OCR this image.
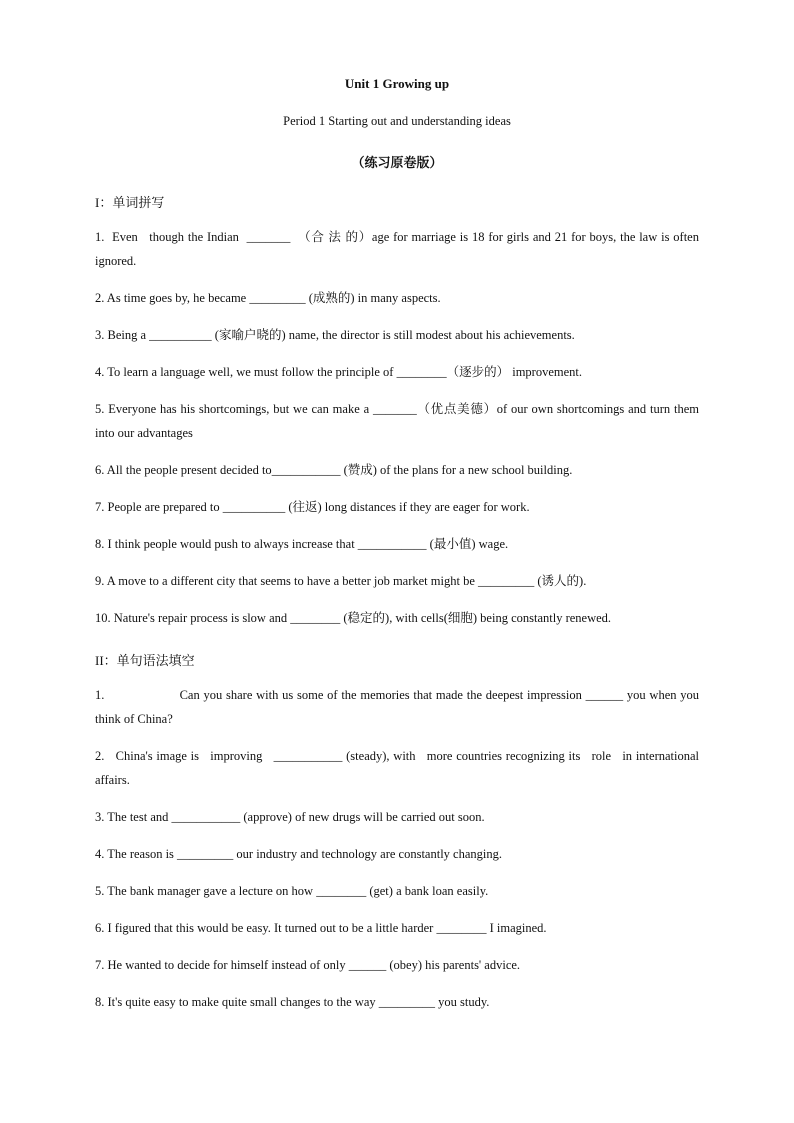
Unit 1 Growing up
Period 1 Starting out and understanding ideas
（练习原卷版）
I：单词拼写
1.  Even   though the Indian  _______  （合 法 的）age for marriage is 18 for girls and 21 for boys, the law is often ignored.
2. As time goes by, he became _________ (成熟的) in many aspects.
3. Being a __________ (家喻户晓的) name, the director is still modest about his achievements.
4. To learn a language well, we must follow the principle of ________（逐步的） improvement.
5. Everyone has his shortcomings, but we can make a _______（优点美德）of our own shortcomings and turn them into our advantages
6. All the people present decided to___________ (赞成) of the plans for a new school building.
7. People are prepared to __________ (往返) long distances if they are eager for work.
8. I think people would push to always increase that ___________ (最小值) wage.
9. A move to a different city that seems to have a better job market might be _________ (诱人的).
10. Nature's repair process is slow and ________ (稳定的), with cells(细胞) being constantly renewed.
II：单句语法填空
1.                    Can you share with us some of the memories that made the deepest impression ______ you when you think of China?
2.   China's image is   improving   ___________ (steady), with   more countries recognizing its   role   in international affairs.
3. The test and ___________ (approve) of new drugs will be carried out soon.
4. The reason is _________ our industry and technology are constantly changing.
5. The bank manager gave a lecture on how ________ (get) a bank loan easily.
6. I figured that this would be easy. It turned out to be a little harder ________ I imagined.
7. He wanted to decide for himself instead of only ______ (obey) his parents' advice.
8. It's quite easy to make quite small changes to the way _________ you study.
